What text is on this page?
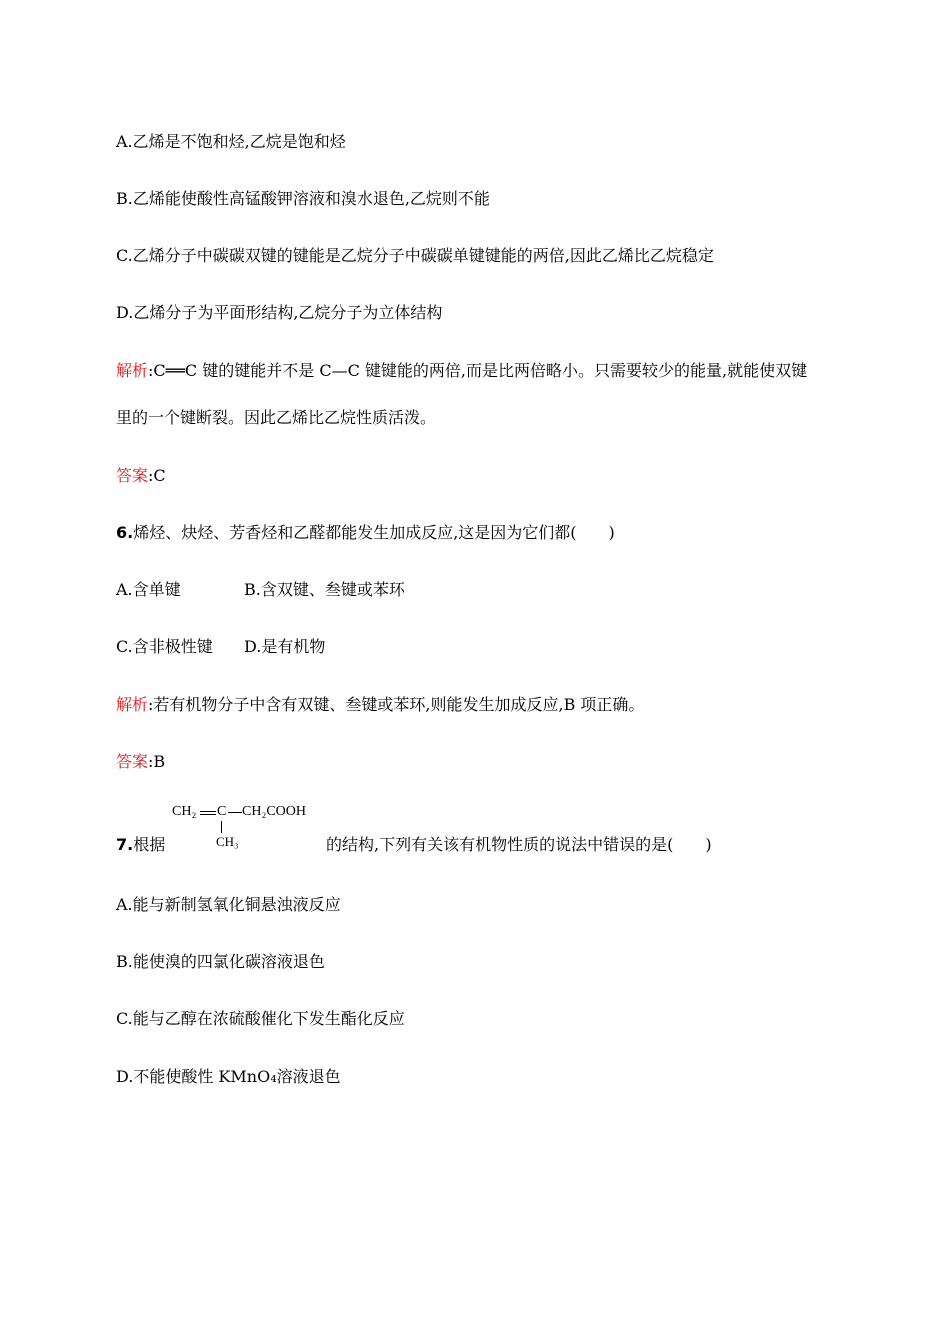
A.乙烯是不饱和烃,乙烷是饱和烃
B.乙烯能使酸性高锰酸钾溶液和溴水退色,乙烷则不能
C.乙烯分子中碳碳双键的键能是乙烷分子中碳碳单键键能的两倍,因此乙烯比乙烷稳定
D.乙烯分子为平面形结构,乙烷分子为立体结构
解析:C══C 键的键能并不是 C—C 键键能的两倍,而是比两倍略小。只需要较少的能量,就能使双键
里的一个键断裂。因此乙烯比乙烷性质活泼。
答案:C
6.烯烃、炔烃、芳香烃和乙醛都能发生加成反应,这是因为它们都(　　)
A.含单键	B.含双键、叁键或苯环
C.含非极性键 D.是有机物
解析:若有机物分子中含有双键、叁键或苯环,则能发生加成反应,B 项正确。
答案:B
CH₂ C CH₂COOH
CH₃
7.根据	的结构,下列有关该有机物性质的说法中错误的是(　　)
A.能与新制氢氧化铜悬浊液反应
B.能使溴的四氯化碳溶液退色
C.能与乙醇在浓硫酸催化下发生酯化反应
D.不能使酸性 KMnO₄溶液退色
